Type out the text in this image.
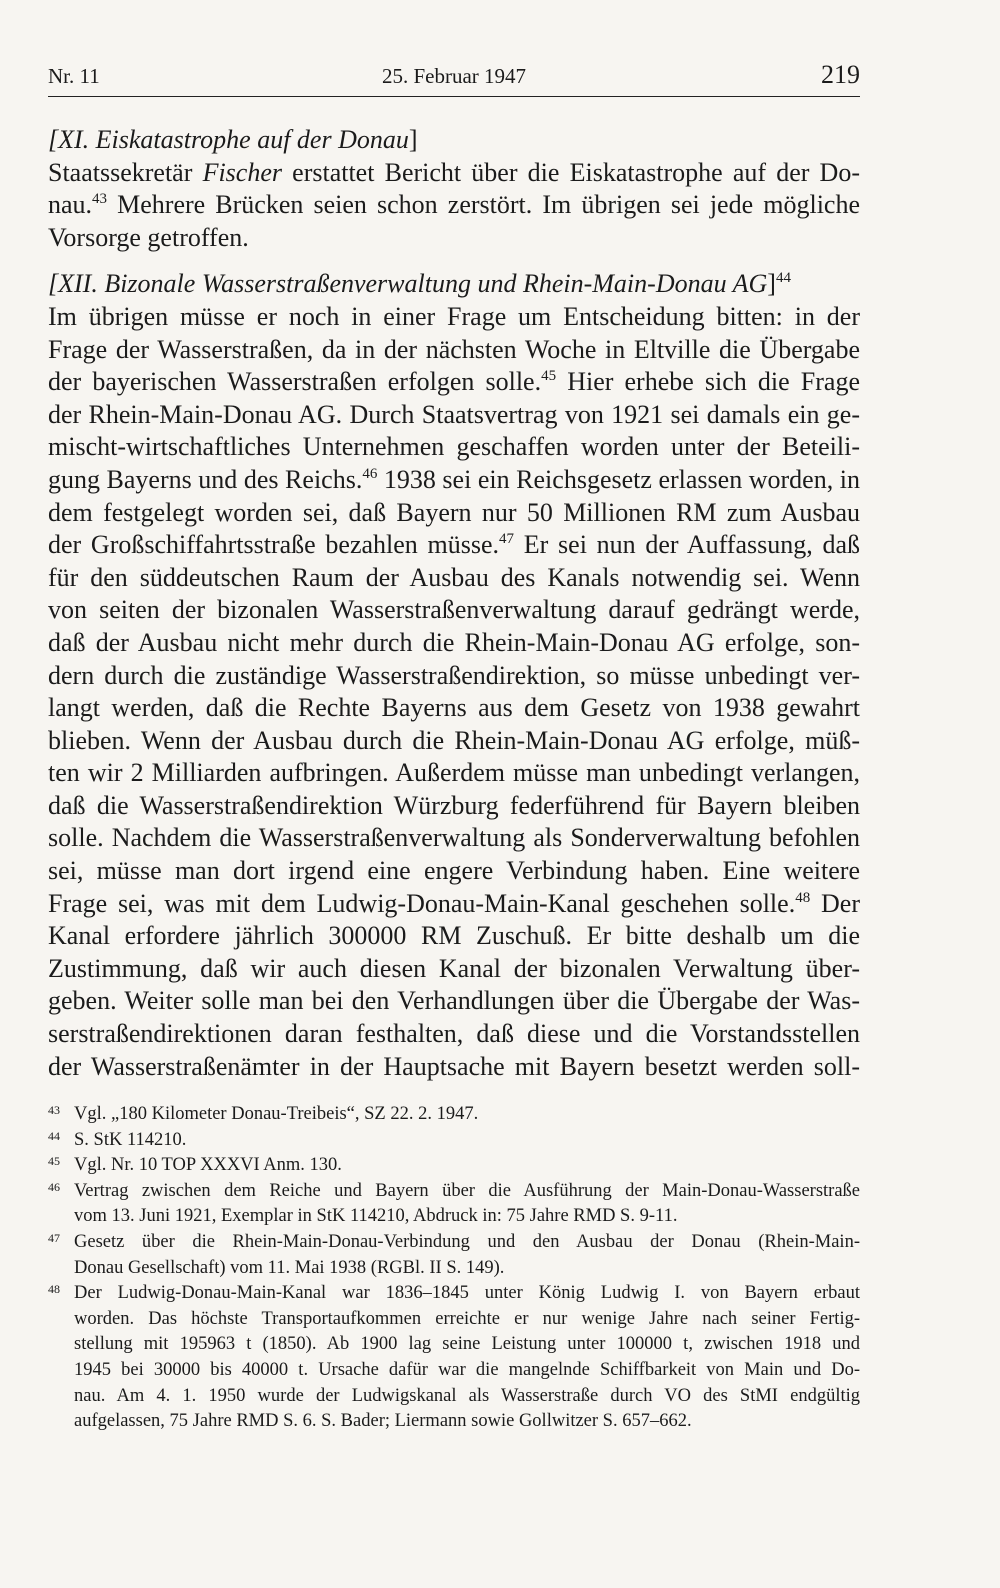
Nr. 11	25. Februar 1947	219
[XI. Eiskatastrophe auf der Donau]
Staatssekretär Fischer erstattet Bericht über die Eiskatastrophe auf der Do-
nau.$^{43}$ Mehrere Brücken seien schon zerstört. Im übrigen sei jede mögliche
Vorsorge getroffen.
[XII. Bizonale Wasserstraßenverwaltung und Rhein-Main-Donau AG]$^{44}$
Im übrigen müsse er noch in einer Frage um Entscheidung bitten: in der
Frage der Wasserstraßen, da in der nächsten Woche in Eltville die Übergabe
der bayerischen Wasserstraßen erfolgen solle.$^{45}$ Hier erhebe sich die Frage
der Rhein-Main-Donau AG. Durch Staatsvertrag von 1921 sei damals ein ge-
mischt-wirtschaftliches Unternehmen geschaffen worden unter der Beteili-
gung Bayerns und des Reichs.$^{46}$ 1938 sei ein Reichsgesetz erlassen worden, in
dem festgelegt worden sei, daß Bayern nur 50 Millionen RM zum Ausbau
der Großschiffahrtsstraße bezahlen müsse.$^{47}$ Er sei nun der Auffassung, daß
für den süddeutschen Raum der Ausbau des Kanals notwendig sei. Wenn
von seiten der bizonalen Wasserstraßenverwaltung darauf gedrängt werde,
daß der Ausbau nicht mehr durch die Rhein-Main-Donau AG erfolge, son-
dern durch die zuständige Wasserstraßendirektion, so müsse unbedingt ver-
langt werden, daß die Rechte Bayerns aus dem Gesetz von 1938 gewahrt
blieben. Wenn der Ausbau durch die Rhein-Main-Donau AG erfolge, müß-
ten wir 2 Milliarden aufbringen. Außerdem müsse man unbedingt verlangen,
daß die Wasserstraßendirektion Würzburg federführend für Bayern bleiben
solle. Nachdem die Wasserstraßenverwaltung als Sonderverwaltung befohlen
sei, müsse man dort irgend eine engere Verbindung haben. Eine weitere
Frage sei, was mit dem Ludwig-Donau-Main-Kanal geschehen solle.$^{48}$ Der
Kanal erfordere jährlich 300000 RM Zuschuß. Er bitte deshalb um die
Zustimmung, daß wir auch diesen Kanal der bizonalen Verwaltung über-
geben. Weiter solle man bei den Verhandlungen über die Übergabe der Was-
serstraßendirektionen daran festhalten, daß diese und die Vorstandsstellen
der Wasserstraßenämter in der Hauptsache mit Bayern besetzt werden soll-
43 Vgl. „180 Kilometer Donau-Treibeis“, SZ 22. 2. 1947.
44 S. StK 114210.
45 Vgl. Nr. 10 TOP XXXVI Anm. 130.
46 Vertrag zwischen dem Reiche und Bayern über die Ausführung der Main-Donau-Wasserstraße
vom 13. Juni 1921, Exemplar in StK 114210, Abdruck in: 75 Jahre RMD S. 9-11.
47 Gesetz über die Rhein-Main-Donau-Verbindung und den Ausbau der Donau (Rhein-Main-
Donau Gesellschaft) vom 11. Mai 1938 (RGBl. II S. 149).
48 Der Ludwig-Donau-Main-Kanal war 1836–1845 unter König Ludwig I. von Bayern erbaut
worden. Das höchste Transportaufkommen erreichte er nur wenige Jahre nach seiner Fertig-
stellung mit 195963 t (1850). Ab 1900 lag seine Leistung unter 100000 t, zwischen 1918 und
1945 bei 30000 bis 40000 t. Ursache dafür war die mangelnde Schiffbarkeit von Main und Do-
nau. Am 4. 1. 1950 wurde der Ludwigskanal als Wasserstraße durch VO des StMI endgültig
aufgelassen, 75 Jahre RMD S. 6. S. Bader; Liermann sowie Gollwitzer S. 657–662.
